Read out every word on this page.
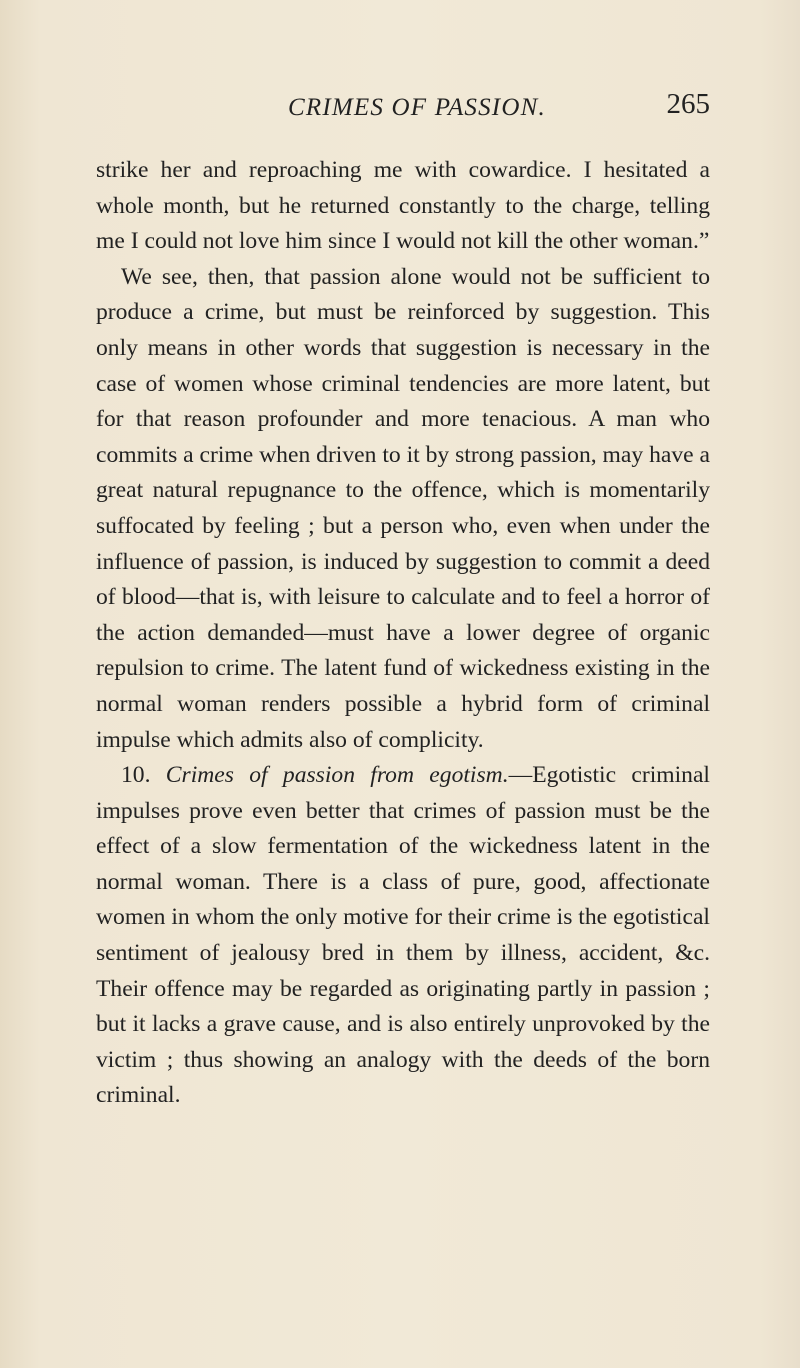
CRIMES OF PASSION.	265

strike her and reproaching me with cowardice. I hesitated a whole month, but he returned constantly to the charge, telling me I could not love him since I would not kill the other woman.”

We see, then, that passion alone would not be sufficient to produce a crime, but must be reinforced by suggestion. This only means in other words that suggestion is necessary in the case of women whose criminal tendencies are more latent, but for that reason profounder and more tenacious. A man who commits a crime when driven to it by strong passion, may have a great natural repugnance to the offence, which is momentarily suffocated by feeling ; but a person who, even when under the influence of passion, is induced by suggestion to commit a deed of blood—that is, with leisure to calculate and to feel a horror of the action demanded—must have a lower degree of organic repulsion to crime. The latent fund of wickedness existing in the normal woman renders possible a hybrid form of criminal impulse which admits also of complicity.

10. Crimes of passion from egotism.—Egotistic criminal impulses prove even better that crimes of passion must be the effect of a slow fermentation of the wickedness latent in the normal woman. There is a class of pure, good, affectionate women in whom the only motive for their crime is the egotistical sentiment of jealousy bred in them by illness, accident, &c. Their offence may be regarded as originating partly in passion ; but it lacks a grave cause, and is also entirely unprovoked by the victim ; thus showing an analogy with the deeds of the born criminal.
